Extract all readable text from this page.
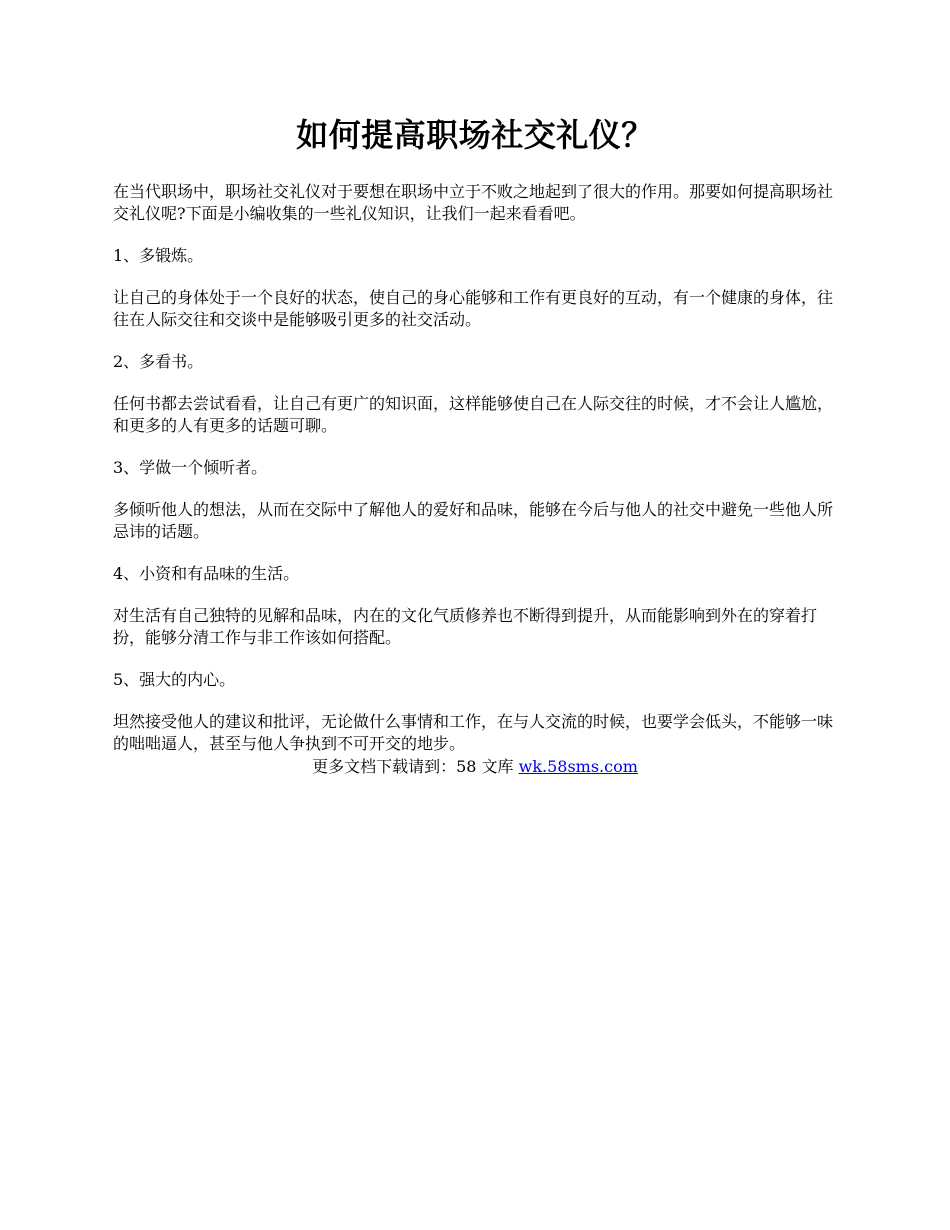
如何提高职场社交礼仪？
在当代职场中，职场社交礼仪对于要想在职场中立于不败之地起到了很大的作用。那要如何提高职场社交礼仪呢?下面是小编收集的一些礼仪知识，让我们一起来看看吧。
1、多锻炼。
让自己的身体处于一个良好的状态，使自己的身心能够和工作有更良好的互动，有一个健康的身体，往往在人际交往和交谈中是能够吸引更多的社交活动。
2、多看书。
任何书都去尝试看看，让自己有更广的知识面，这样能够使自己在人际交往的时候，才不会让人尴尬，和更多的人有更多的话题可聊。
3、学做一个倾听者。
多倾听他人的想法，从而在交际中了解他人的爱好和品味，能够在今后与他人的社交中避免一些他人所忌讳的话题。
4、小资和有品味的生活。
对生活有自己独特的见解和品味，内在的文化气质修养也不断得到提升，从而能影响到外在的穿着打扮，能够分清工作与非工作该如何搭配。
5、强大的内心。
坦然接受他人的建议和批评，无论做什么事情和工作，在与人交流的时候，也要学会低头，不能够一味的咄咄逼人，甚至与他人争执到不可开交的地步。
更多文档下载请到：58 文库 wk.58sms.com
